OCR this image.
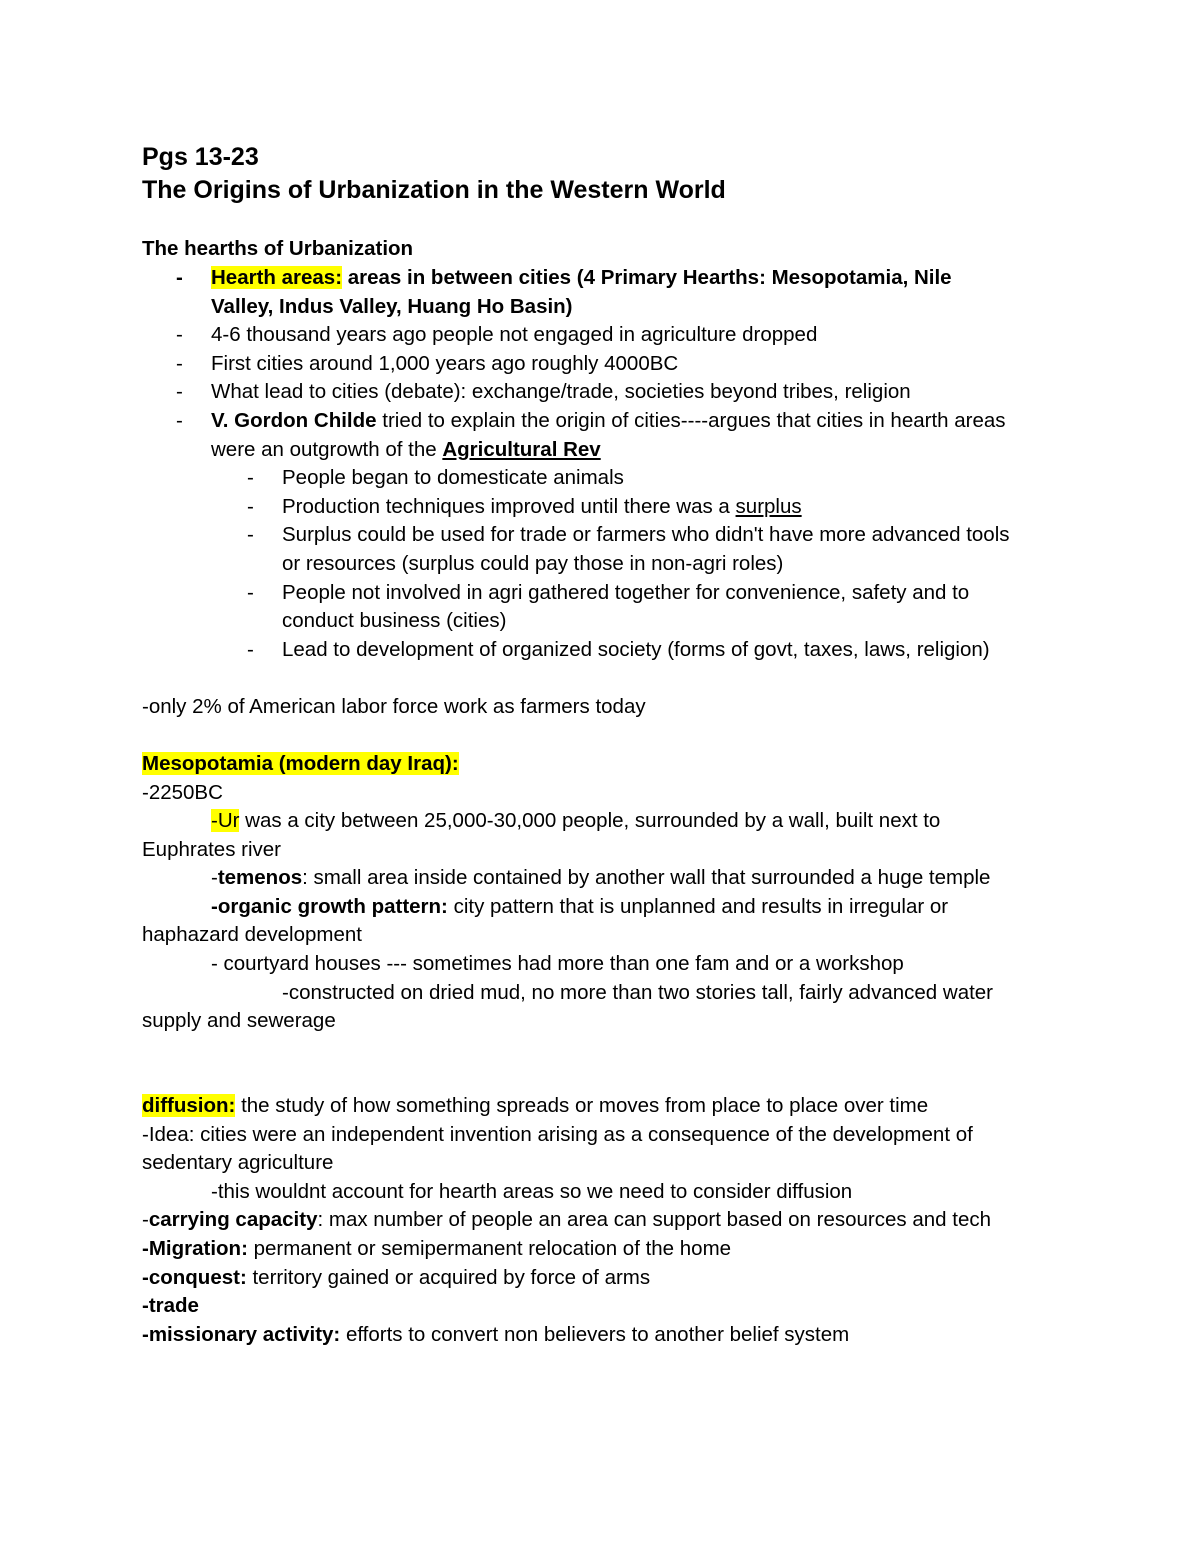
Pgs 13-23
The Origins of Urbanization in the Western World
The hearths of Urbanization
- Hearth areas: areas in between cities (4 Primary Hearths: Mesopotamia, Nile
Valley, Indus Valley, Huang Ho Basin)
- 4-6 thousand years ago people not engaged in agriculture dropped
- First cities around 1,000 years ago roughly 4000BC
- What lead to cities (debate): exchange/trade, societies beyond tribes, religion
- V. Gordon Childe tried to explain the origin of cities----argues that cities in hearth areas
were an outgrowth of the Agricultural Rev
- People began to domesticate animals
- Production techniques improved until there was a surplus
- Surplus could be used for trade or farmers who didn't have more advanced tools
or resources (surplus could pay those in non-agri roles)
- People not involved in agri gathered together for convenience, safety and to
conduct business (cities)
- Lead to development of organized society (forms of govt, taxes, laws, religion)
-only 2% of American labor force work as farmers today
Mesopotamia (modern day Iraq):
-2250BC
-Ur was a city between 25,000-30,000 people, surrounded by a wall, built next to
Euphrates river
-temenos: small area inside contained by another wall that surrounded a huge temple
-organic growth pattern: city pattern that is unplanned and results in irregular or
haphazard development
- courtyard houses --- sometimes had more than one fam and or a workshop
-constructed on dried mud, no more than two stories tall, fairly advanced water
supply and sewerage
diffusion: the study of how something spreads or moves from place to place over time
-Idea: cities were an independent invention arising as a consequence of the development of
sedentary agriculture
-this wouldnt account for hearth areas so we need to consider diffusion
-carrying capacity: max number of people an area can support based on resources and tech
-Migration: permanent or semipermanent relocation of the home
-conquest: territory gained or acquired by force of arms
-trade
-missionary activity: efforts to convert non believers to another belief system
